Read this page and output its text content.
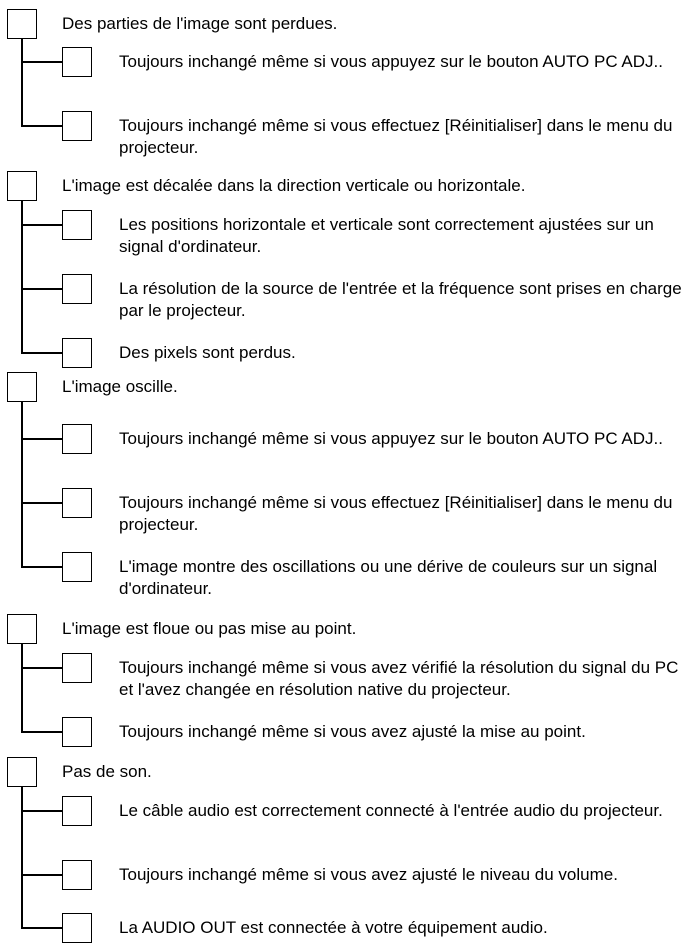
Des parties de l'image sont perdues.
Toujours inchangé même si vous appuyez sur le bouton AUTO PC ADJ..
Toujours inchangé même si vous effectuez [Réinitialiser] dans le menu du projecteur.
L'image est décalée dans la direction verticale ou horizontale.
Les positions horizontale et verticale sont correctement ajustées sur un signal d'ordinateur.
La résolution de la source de l'entrée et la fréquence sont prises en charge par le projecteur.
Des pixels sont perdus.
L'image oscille.
Toujours inchangé même si vous appuyez sur le bouton AUTO PC ADJ..
Toujours inchangé même si vous effectuez [Réinitialiser] dans le menu du projecteur.
L'image montre des oscillations ou une dérive de couleurs sur un signal d'ordinateur.
L'image est floue ou pas mise au point.
Toujours inchangé même si vous avez vérifié la résolution du signal du PC et l'avez changée en résolution native du projecteur.
Toujours inchangé même si vous avez ajusté la mise au point.
Pas de son.
Le câble audio est correctement connecté à l'entrée audio du projecteur.
Toujours inchangé même si vous avez ajusté le niveau du volume.
La AUDIO OUT est connectée à votre équipement audio.
